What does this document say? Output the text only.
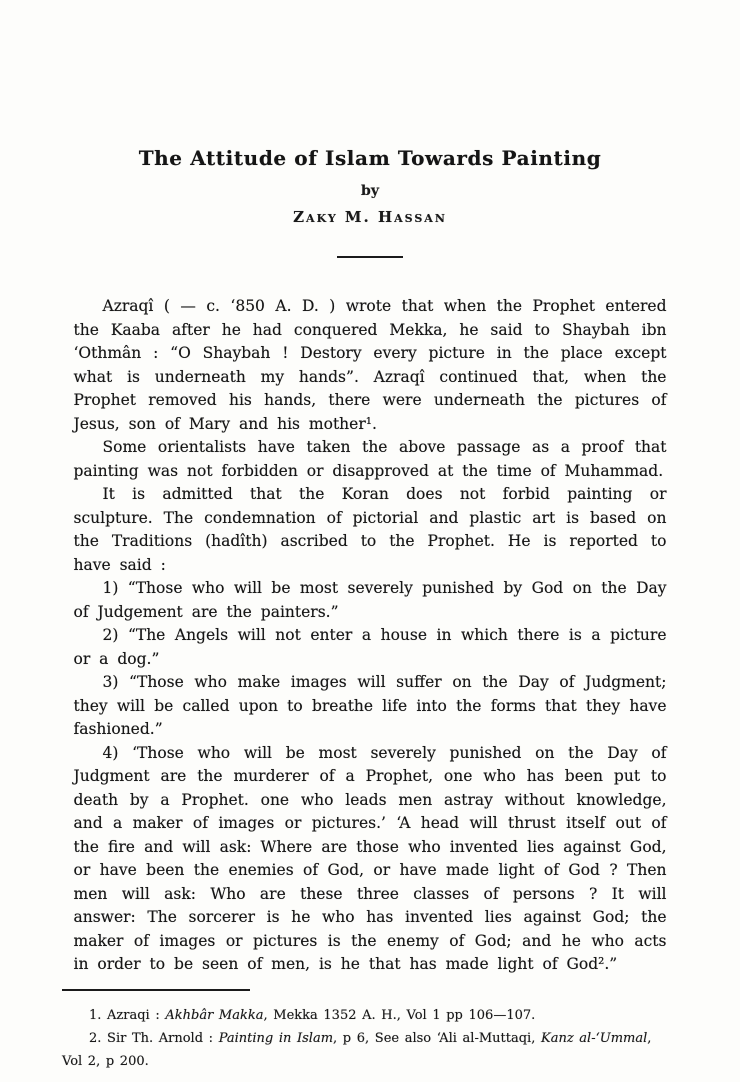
The Attitude of Islam Towards Painting
by
Zaky M. Hassan

Azraqî ( — c. ‘850 A. D. ) wrote that when the Prophet entered the Kaaba after he had conquered Mekka, he said to Shaybah ibn ‘Othmân : “O Shaybah ! Destory every picture in the place except what is underneath my hands”. Azraqî continued that, when the Prophet removed his hands, there were underneath the pictures of Jesus, son of Mary and his mother¹.

Some orientalists have taken the above passage as a proof that painting was not forbidden or disapproved at the time of Muhammad.

It is admitted that the Koran does not forbid painting or sculpture. The condemnation of pictorial and plastic art is based on the Traditions (hadîth) ascribed to the Prophet. He is reported to have said :

1) “Those who will be most severely punished by God on the Day of Judgement are the painters.”

2) “The Angels will not enter a house in which there is a picture or a dog.”

3) “Those who make images will suffer on the Day of Judgment; they will be called upon to breathe life into the forms that they have fashioned.”

4) ‘Those who will be most severely punished on the Day of Judgment are the murderer of a Prophet, one who has been put to death by a Prophet. one who leads men astray without knowledge, and a maker of images or pictures.’ ‘A head will thrust itself out of the fire and will ask: Where are those who invented lies against God, or have been the enemies of God, or have made light of God ? Then men will ask: Who are these three classes of persons ? It will answer: The sorcerer is he who has invented lies against God; the maker of images or pictures is the enemy of God; and he who acts in order to be seen of men, is he that has made light of God².”

1. Azraqi : Akhbâr Makka, Mekka 1352 A. H., Vol 1 pp 106—107.

2. Sir Th. Arnold : Painting in Islam, p 6, See also ‘Ali al-Muttaqi, Kanz al-‘Ummal, Vol 2, p 200.
